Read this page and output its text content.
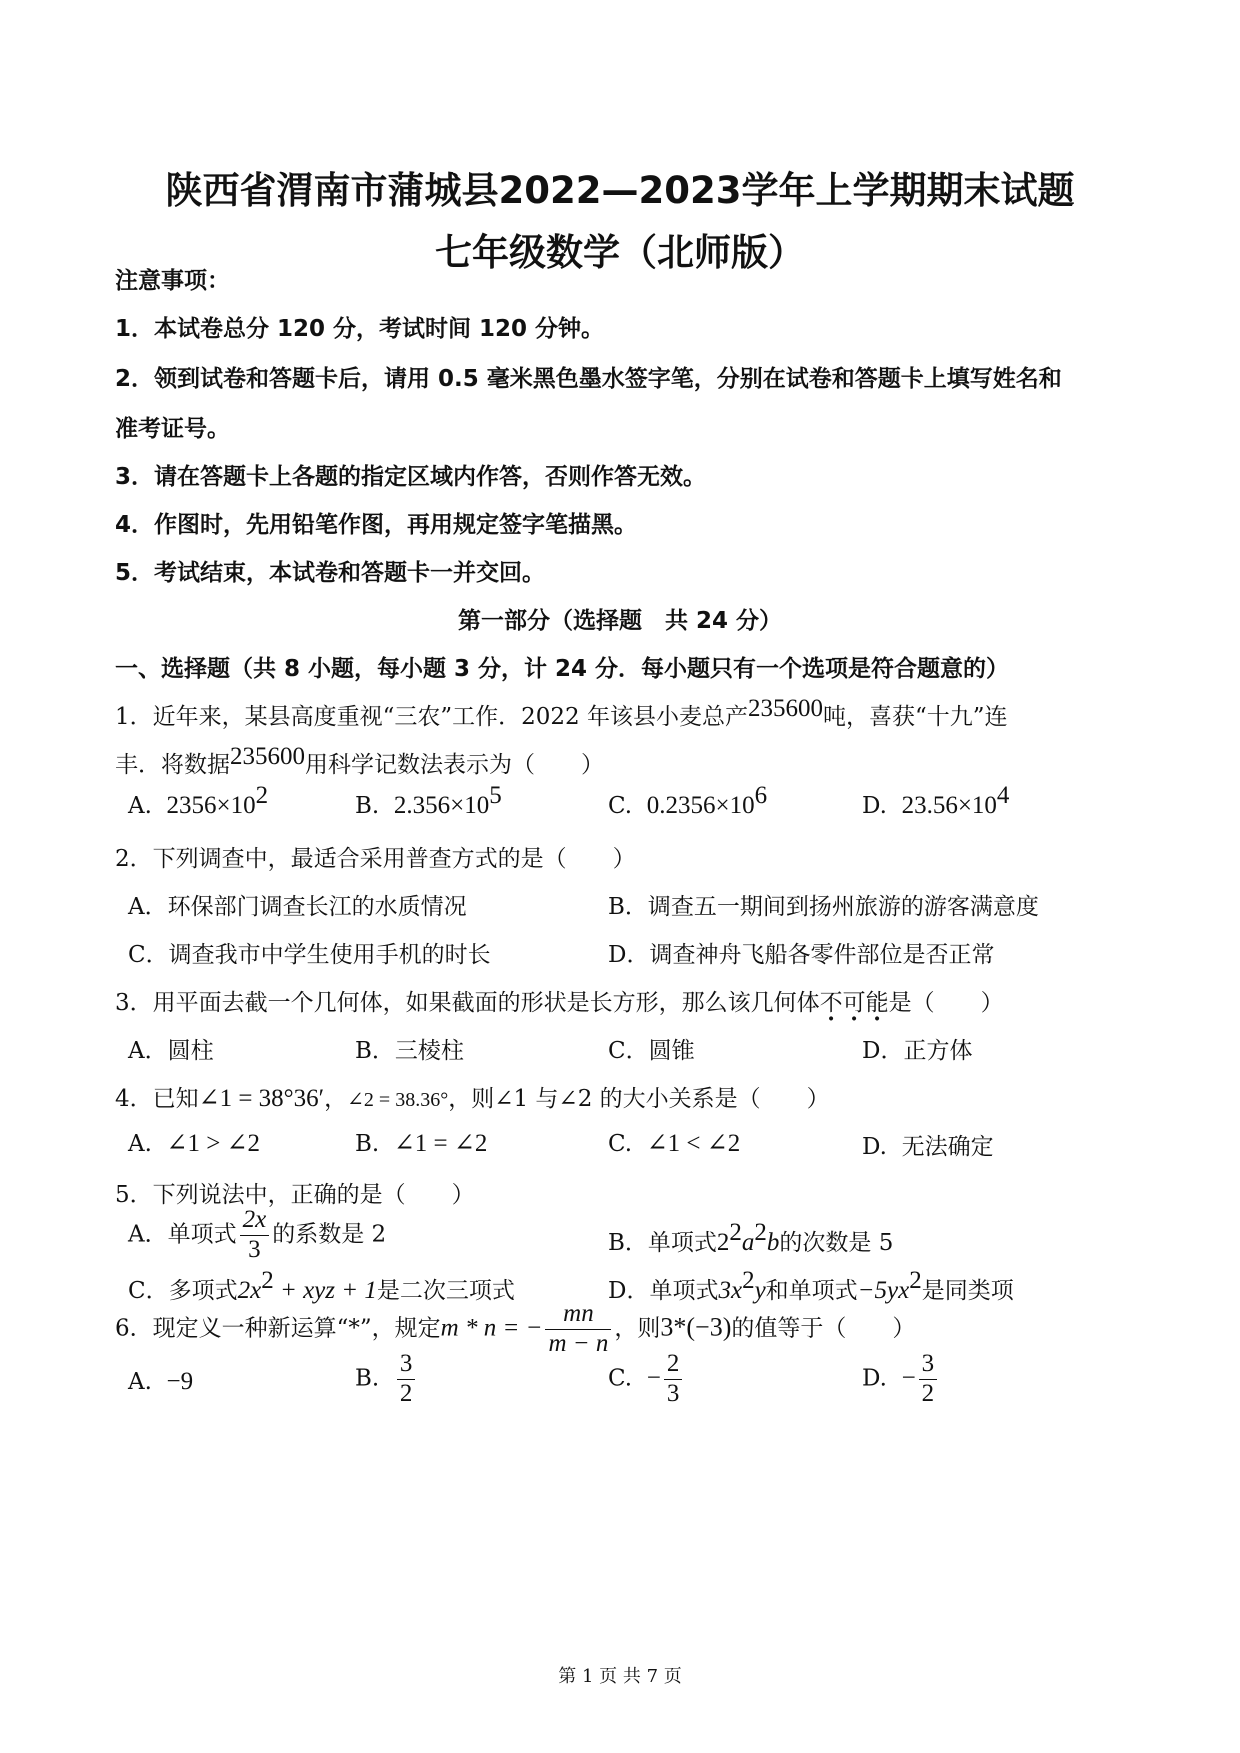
陕西省渭南市蒲城县2022—2023学年上学期期末试题
七年级数学（北师版）
注意事项：
1．本试卷总分 120 分，考试时间 120 分钟。
2．领到试卷和答题卡后，请用 0.5 毫米黑色墨水签字笔，分别在试卷和答题卡上填写姓名和
准考证号。
3．请在答题卡上各题的指定区域内作答，否则作答无效。
4．作图时，先用铅笔作图，再用规定签字笔描黑。
5．考试结束，本试卷和答题卡一并交回。
第一部分（选择题　共 24 分）
一、选择题（共 8 小题，每小题 3 分，计 24 分．每小题只有一个选项是符合题意的）
1．近年来，某县高度重视“三农”工作．2022 年该县小麦总产235600吨，喜获“十九”连
丰．将数据235600用科学记数法表示为（　　）
A. $2356\times 10^2$	B. $2.356\times 10^5$	C. $0.2356\times 10^6$	D. $23.56\times 10^4$
2．下列调查中，最适合采用普查方式的是（　　）
A．环保部门调查长江的水质情况	B．调查五一期间到扬州旅游的游客满意度
C．调查我市中学生使用手机的时长	D．调查神舟飞船各零件部位是否正常
3．用平面去截一个几何体，如果截面的形状是长方形，那么该几何体不可能是（　　）
A．圆柱	B．三棱柱	C．圆锥	D．正方体
4．已知∠1 = 38°36′，∠2 = 38.36°，则∠1 与∠2 的大小关系是（　　）
A. ∠1 > ∠2	B. ∠1 = ∠2	C. ∠1 < ∠2	D. 无法确定
5．下列说法中，正确的是（　　）
A．单项式 $\frac{2x}{3}$ 的系数是 2	B．单项式$2^2a^2b$的次数是 5
C．多项式$2x^2$ + xyz + 1是二次三项式	D．单项式$3x^2y$和单项式$-5yx^2$是同类项
6．现定义一种新运算“*”，规定m * n = − $\frac{mn}{m - n}$ ，则3*(−3)的值等于（　　）
A. −9	B. $\frac{3}{2}$	C. − $\frac{2}{3}$	D. − $\frac{3}{2}$
第 1 页 共 7 页
